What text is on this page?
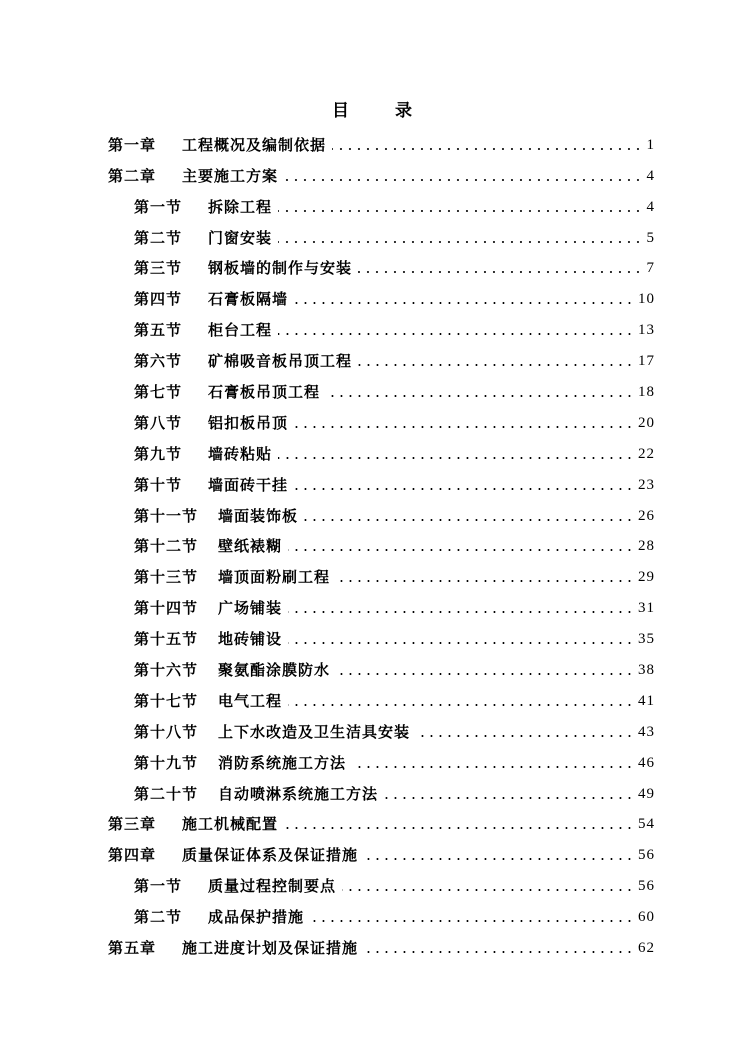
目 录
第一章 工程概况及编制依据	1
第二章 主要施工方案	4
第一节 拆除工程	4
第二节 门窗安装	5
第三节 钢板墙的制作与安装	7
第四节 石膏板隔墙	10
第五节 柜台工程	13
第六节 矿棉吸音板吊顶工程	17
第七节 石膏板吊顶工程	18
第八节 铝扣板吊顶	20
第九节 墙砖粘贴	22
第十节 墙面砖干挂	23
第十一节 墙面装饰板	26
第十二节 壁纸裱糊	28
第十三节 墙顶面粉刷工程	29
第十四节 广场铺装	31
第十五节 地砖铺设	35
第十六节 聚氨酯涂膜防水	38
第十七节 电气工程	41
第十八节 上下水改造及卫生洁具安装	43
第十九节 消防系统施工方法	46
第二十节 自动喷淋系统施工方法	49
第三章 施工机械配置	54
第四章 质量保证体系及保证措施	56
第一节 质量过程控制要点	56
第二节 成品保护措施	60
第五章 施工进度计划及保证措施	62
